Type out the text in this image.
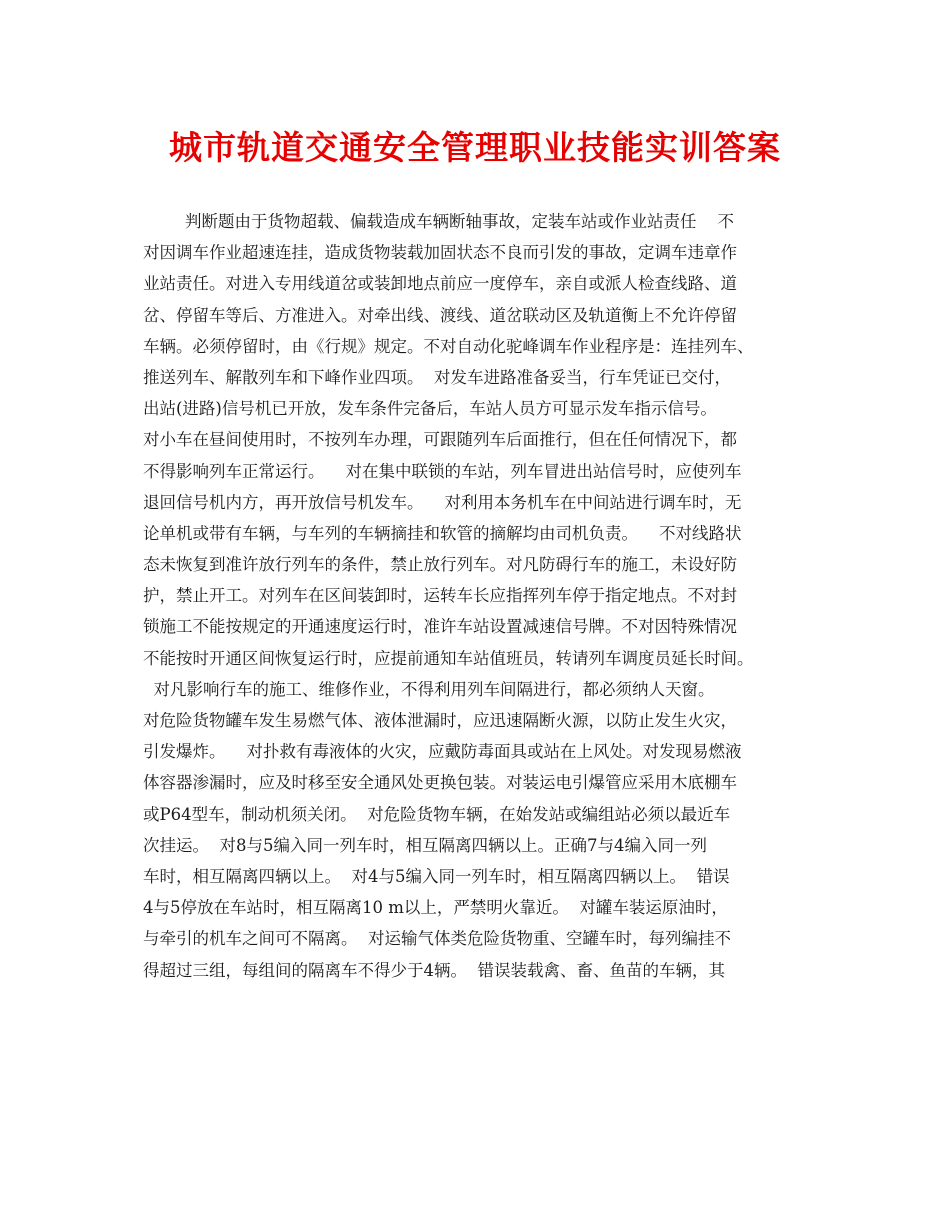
城市轨道交通安全管理职业技能实训答案
判断题由于货物超载、偏载造成车辆断轴事故，定装车站或作业站责任    不
对因调车作业超速连挂，造成货物装载加固状态不良而引发的事故，定调车违章作
业站责任。对进入专用线道岔或装卸地点前应一度停车，亲自或派人检查线路、道
岔、停留车等后、方准进入。对牵出线、渡线、道岔联动区及轨道衡上不允许停留
车辆。必须停留时，由《行规》规定。不对自动化驼峰调车作业程序是：连挂列车、
推送列车、解散列车和下峰作业四项。  对发车进路准备妥当，行车凭证已交付，
出站(进路)信号机已开放，发车条件完备后，车站人员方可显示发车指示信号。
对小车在昼间使用时，不按列车办理，可跟随列车后面推行，但在任何情况下，都
不得影响列车正常运行。    对在集中联锁的车站，列车冒进出站信号时，应使列车
退回信号机内方，再开放信号机发车。    对利用本务机车在中间站进行调车时，无
论单机或带有车辆，与车列的车辆摘挂和软管的摘解均由司机负责。    不对线路状
态未恢复到准许放行列车的条件，禁止放行列车。对凡防碍行车的施工，未设好防
护，禁止开工。对列车在区间装卸时，运转车长应指挥列车停于指定地点。不对封
锁施工不能按规定的开通速度运行时，准许车站设置减速信号牌。不对因特殊情况
不能按时开通区间恢复运行时，应提前通知车站值班员，转请列车调度员延长时间。
对凡影响行车的施工、维修作业，不得利用列车间隔进行，都必须纳人天窗。
对危险货物罐车发生易燃气体、液体泄漏时，应迅速隔断火源，以防止发生火灾，
引发爆炸。    对扑救有毒液体的火灾，应戴防毒面具或站在上风处。对发现易燃液
体容器渗漏时，应及时移至安全通风处更换包装。对装运电引爆管应采用木底棚车
或P64型车，制动机须关闭。  对危险货物车辆，在始发站或编组站必须以最近车
次挂运。  对8与5编入同一列车时，相互隔离四辆以上。正确7与4编入同一列
车时，相互隔离四辆以上。  对4与5编入同一列车时，相互隔离四辆以上。  错误
4与5停放在车站时，相互隔离10 m以上，严禁明火靠近。  对罐车装运原油时，
与牵引的机车之间可不隔离。  对运输气体类危险货物重、空罐车时，每列编挂不
得超过三组，每组间的隔离车不得少于4辆。  错误装载禽、畜、鱼苗的车辆，其
